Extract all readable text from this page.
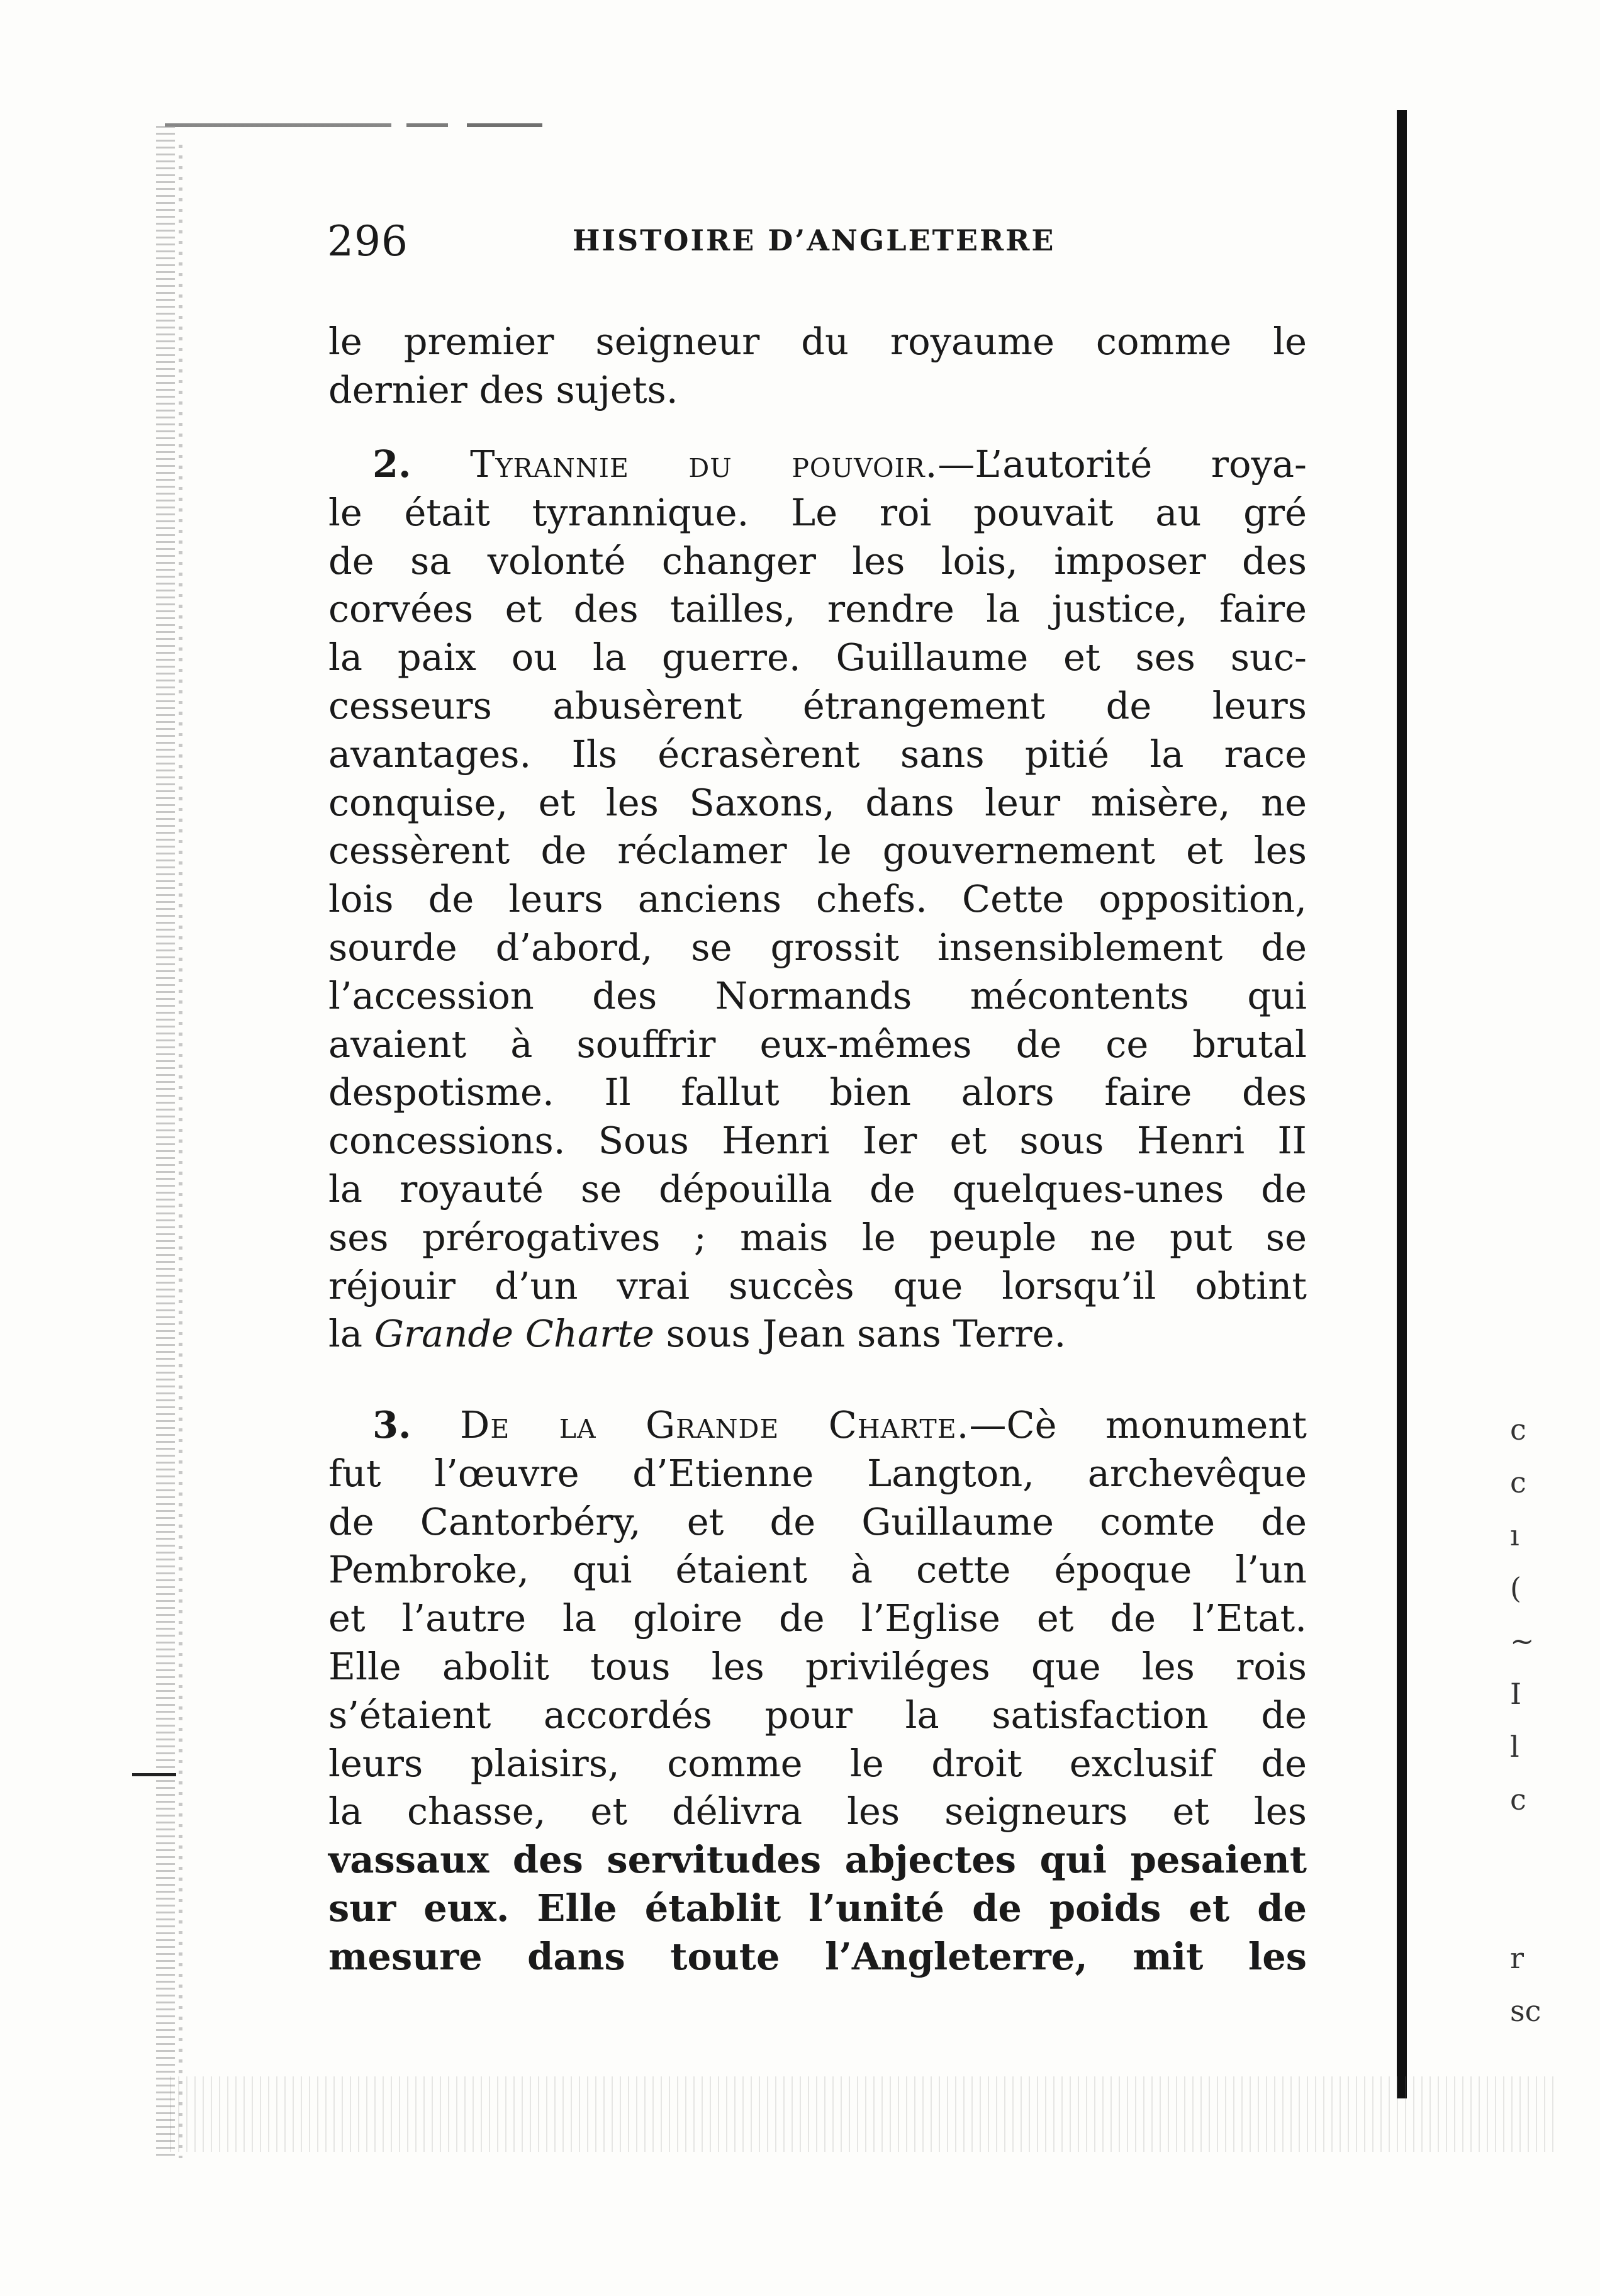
c
c
ı
(
~
I
l
c

r
sc
296	HISTOIRE D’ANGLETERRE
le premier seigneur du royaume comme le
dernier des sujets.
2. Tyrannie du pouvoir.—L’autorité roya-
le était tyrannique. Le roi pouvait au gré
de sa volonté changer les lois, imposer des
corvées et des tailles, rendre la justice, faire
la paix ou la guerre. Guillaume et ses suc-
cesseurs abusèrent étrangement de leurs
avantages. Ils écrasèrent sans pitié la race
conquise, et les Saxons, dans leur misère, ne
cessèrent de réclamer le gouvernement et les
lois de leurs anciens chefs. Cette opposition,
sourde d’abord, se grossit insensiblement de
l’accession des Normands mécontents qui
avaient à souffrir eux-mêmes de ce brutal
despotisme. Il fallut bien alors faire des
concessions. Sous Henri Ier et sous Henri II
la royauté se dépouilla de quelques-unes de
ses prérogatives ; mais le peuple ne put se
réjouir d’un vrai succès que lorsqu’il obtint
la Grande Charte sous Jean sans Terre.
3. De la Grande Charte.—Cè monument
fut l’œuvre d’Etienne Langton, archevêque
de Cantorbéry, et de Guillaume comte de
Pembroke, qui étaient à cette époque l’un
et l’autre la gloire de l’Eglise et de l’Etat.
Elle abolit tous les priviléges que les rois
s’étaient accordés pour la satisfaction de
leurs plaisirs, comme le droit exclusif de
la chasse, et délivra les seigneurs et les
vassaux des servitudes abjectes qui pesaient
sur eux. Elle établit l’unité de poids et de
mesure dans toute l’Angleterre, mit les
